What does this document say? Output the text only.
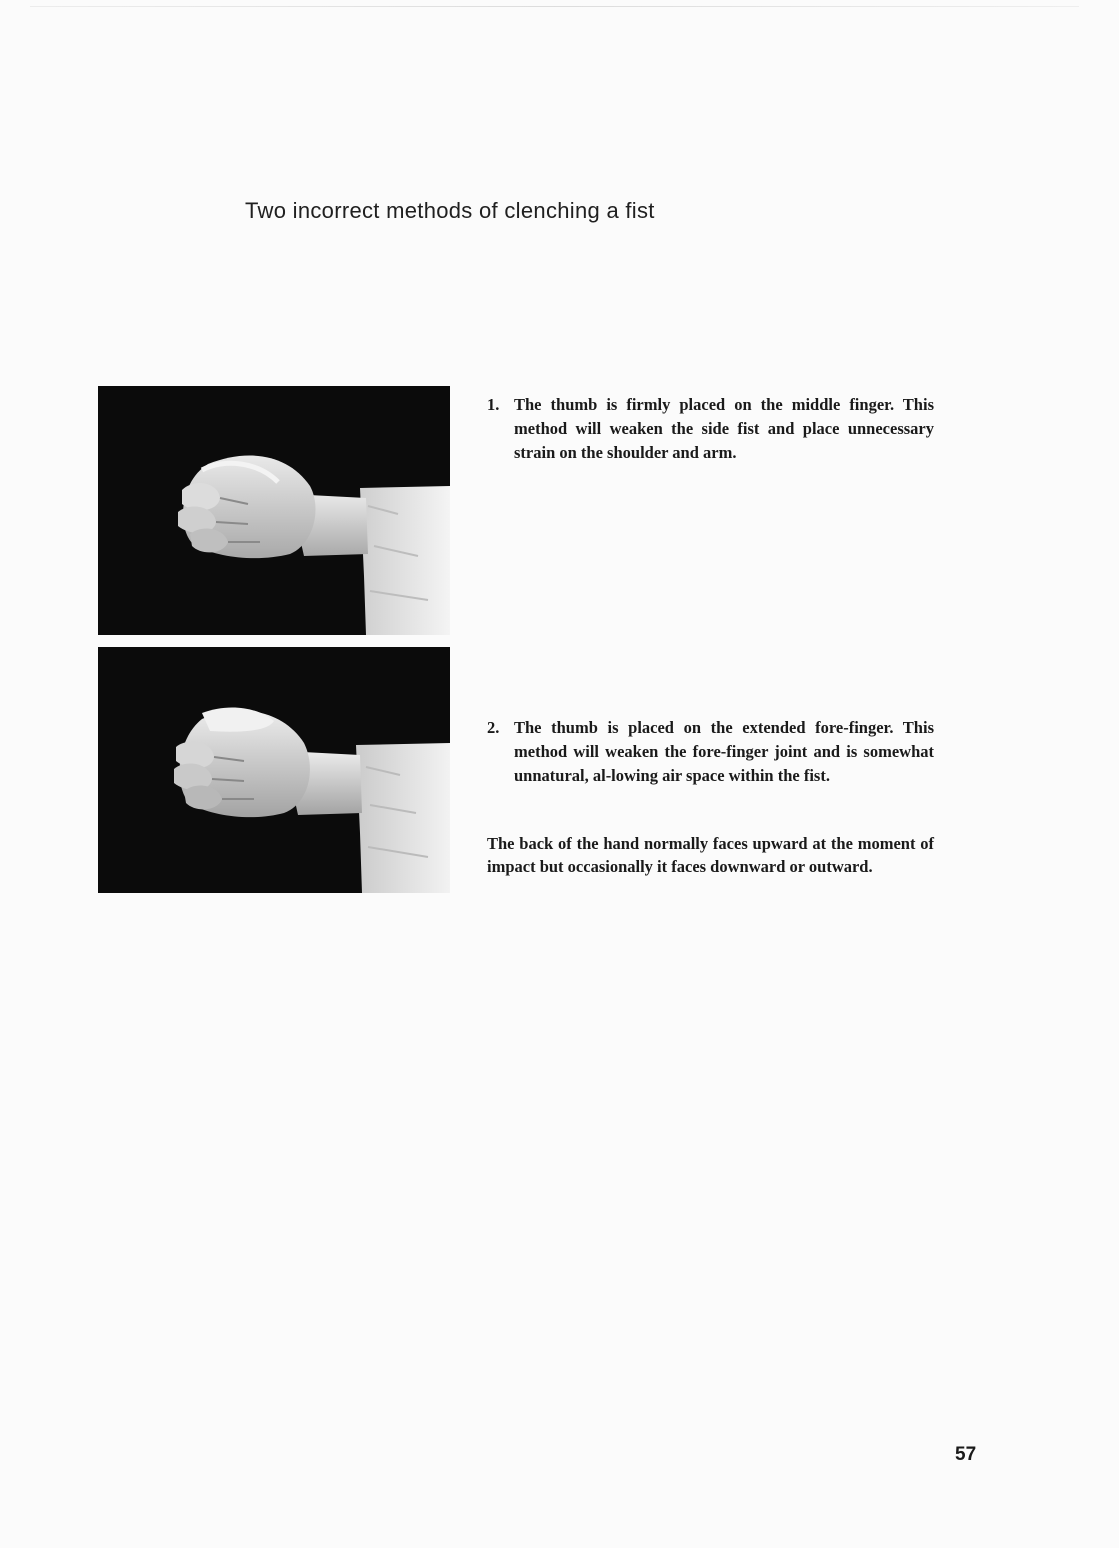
Two incorrect methods of clenching a fist

1. The thumb is firmly placed on the middle finger. This method will weaken the side fist and place unnecessary strain on the shoulder and arm.

2. The thumb is placed on the extended fore-finger. This method will weaken the fore-finger joint and is somewhat unnatural, al-lowing air space within the fist.

The back of the hand normally faces upward at the moment of impact but occasionally it faces downward or outward.

57
